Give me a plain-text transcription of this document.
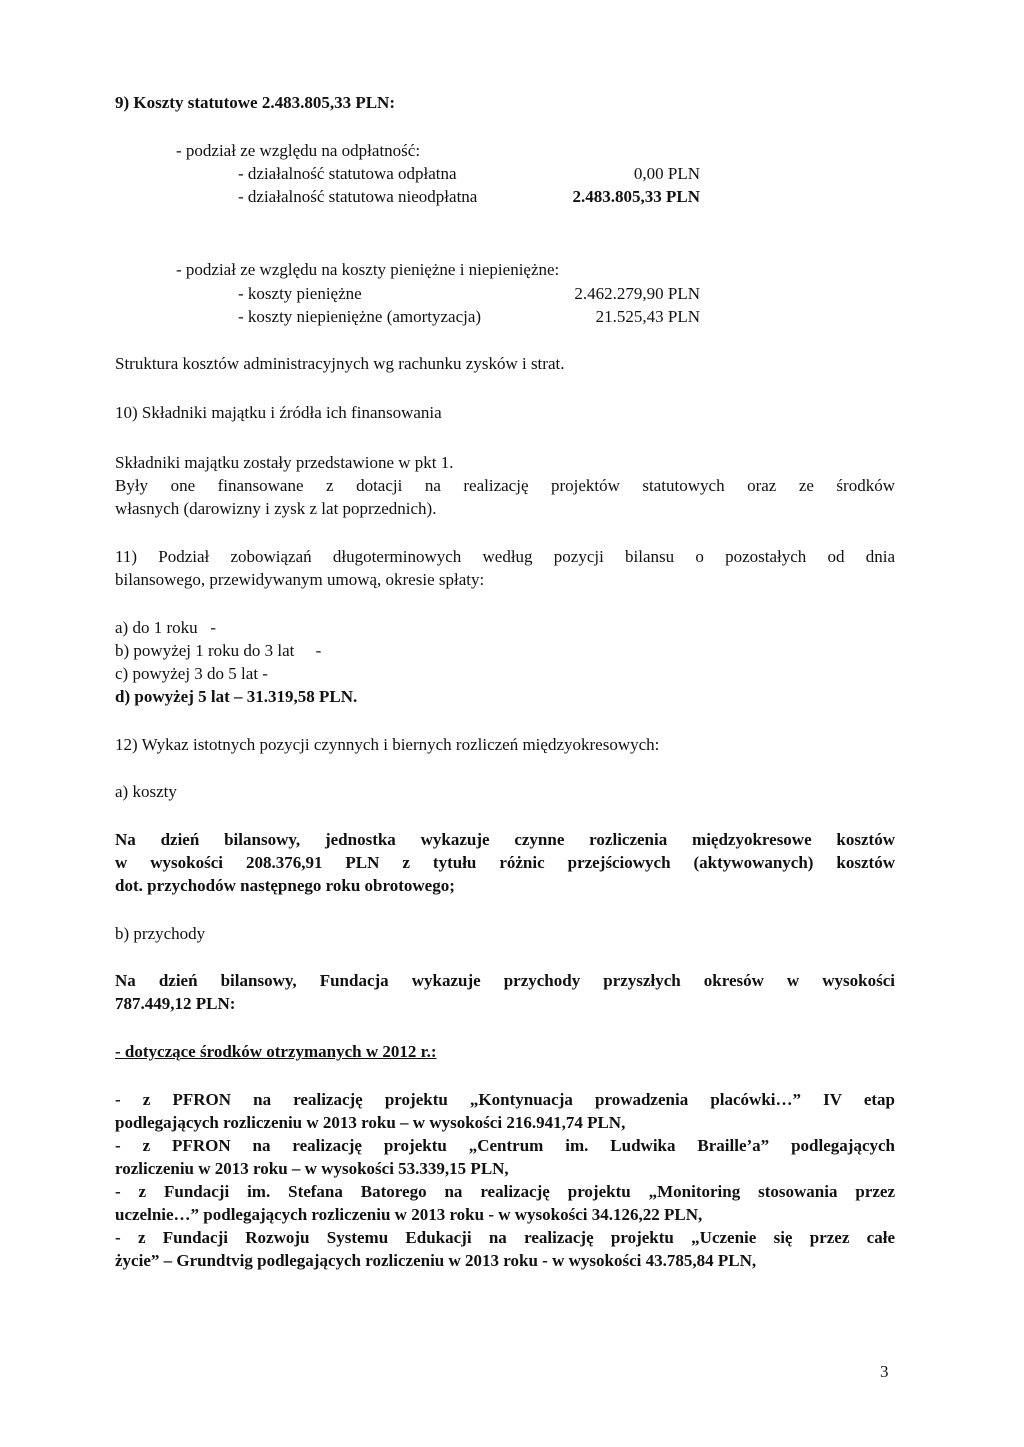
9) Koszty statutowe 2.483.805,33 PLN:
- podział ze względu na odpłatność:
- działalność statutowa odpłatna	0,00 PLN
- działalność statutowa nieodpłatna	2.483.805,33 PLN
- podział ze względu na koszty pieniężne i niepieniężne:
- koszty pieniężne	2.462.279,90 PLN
- koszty niepieniężne (amortyzacja)	21.525,43 PLN
Struktura kosztów administracyjnych wg rachunku zysków i strat.
10) Składniki majątku i źródła ich finansowania
Składniki majątku zostały przedstawione w pkt 1.
Były one finansowane z dotacji na realizację projektów statutowych oraz ze środków
własnych (darowizny i zysk z lat poprzednich).
11) Podział zobowiązań długoterminowych według pozycji bilansu o pozostałych od dnia
bilansowego, przewidywanym umową, okresie spłaty:
a) do 1 roku   -
b) powyżej 1 roku do 3 lat     -
c) powyżej 3 do 5 lat -
d) powyżej 5 lat – 31.319,58 PLN.
12) Wykaz istotnych pozycji czynnych i biernych rozliczeń międzyokresowych:
a) koszty
Na dzień bilansowy, jednostka wykazuje czynne rozliczenia międzyokresowe kosztów
w wysokości 208.376,91 PLN z tytułu różnic przejściowych (aktywowanych) kosztów
dot. przychodów następnego roku obrotowego;
b) przychody
Na dzień bilansowy, Fundacja wykazuje przychody przyszłych okresów w wysokości
787.449,12 PLN:
- dotyczące środków otrzymanych w 2012 r.:
- z PFRON na realizację projektu „Kontynuacja prowadzenia placówki…” IV etap
podlegających rozliczeniu w 2013 roku – w wysokości 216.941,74 PLN,
- z PFRON na realizację projektu „Centrum im. Ludwika Braille’a” podlegających
rozliczeniu w 2013 roku – w wysokości 53.339,15 PLN,
- z Fundacji im. Stefana Batorego na realizację projektu „Monitoring stosowania przez
uczelnie…” podlegających rozliczeniu w 2013 roku - w wysokości 34.126,22 PLN,
- z Fundacji Rozwoju Systemu Edukacji na realizację projektu „Uczenie się przez całe
życie” – Grundtvig podlegających rozliczeniu w 2013 roku - w wysokości 43.785,84 PLN,
3
